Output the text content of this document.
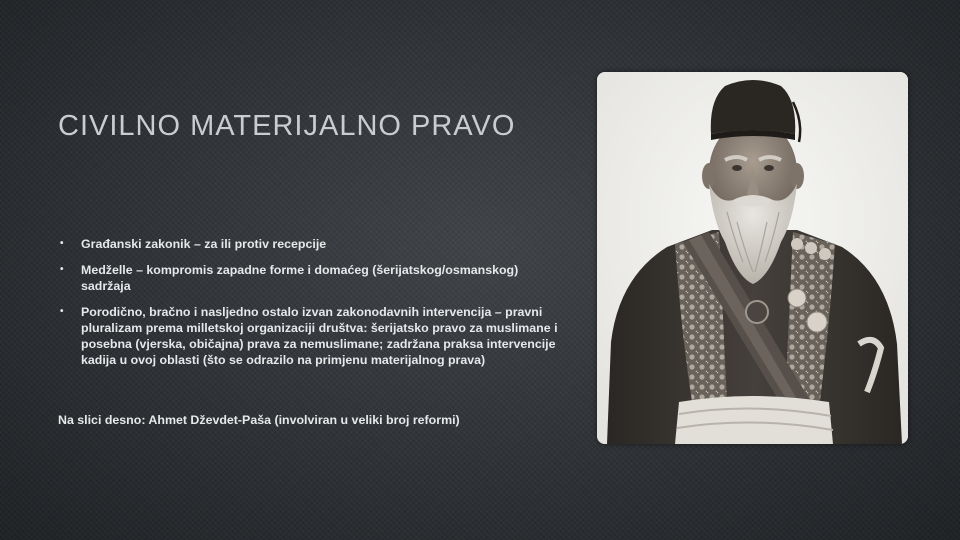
CIVILNO MATERIJALNO PRAVO
• Građanski zakonik – za ili protiv recepcije
• Medželle – kompromis zapadne forme i domaćeg (šerijatskog/osmanskog) sadržaja
• Porodično, bračno i nasljedno ostalo izvan zakonodavnih intervencija – pravni pluralizam prema milletskoj organizaciji društva: šerijatsko pravo za muslimane i posebna (vjerska, običajna) prava za nemuslimane; zadržana praksa intervencije kadija u ovoj oblasti (što se odrazilo na primjenu materijalnog prava)
Na slici desno: Ahmet Dževdet-Paša (involviran u veliki broj reformi)
